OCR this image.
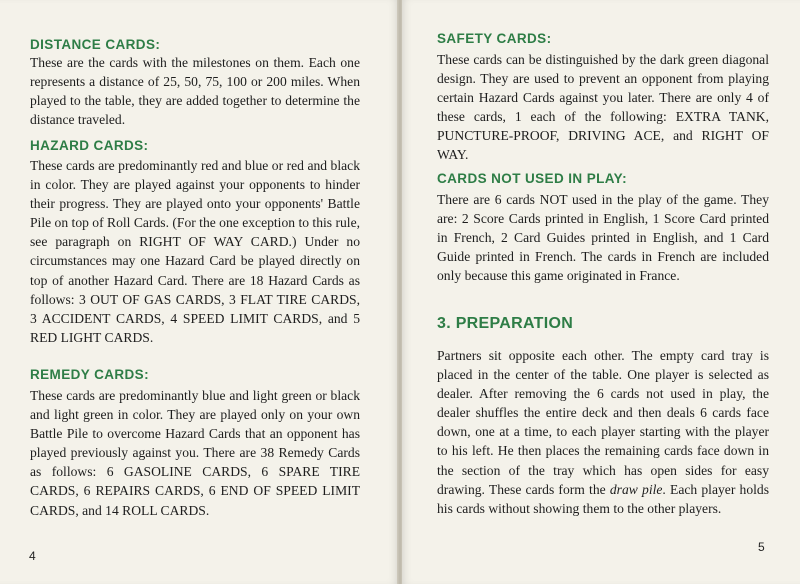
DISTANCE CARDS:

These are the cards with the milestones on them. Each one represents a distance of 25, 50, 75, 100 or 200 miles. When played to the table, they are added together to determine the distance traveled.

HAZARD CARDS:

These cards are predominantly red and blue or red and black in color. They are played against your opponents to hinder their progress. They are played onto your opponents' Battle Pile on top of Roll Cards. (For the one exception to this rule, see paragraph on RIGHT OF WAY CARD.) Under no circumstances may one Hazard Card be played directly on top of another Hazard Card. There are 18 Hazard Cards as follows: 3 OUT OF GAS CARDS, 3 FLAT TIRE CARDS, 3 ACCIDENT CARDS, 4 SPEED LIMIT CARDS, and 5 RED LIGHT CARDS.

REMEDY CARDS:

These cards are predominantly blue and light green or black and light green in color. They are played only on your own Battle Pile to overcome Hazard Cards that an opponent has played previously against you. There are 38 Remedy Cards as follows: 6 GASOLINE CARDS, 6 SPARE TIRE CARDS, 6 REPAIRS CARDS, 6 END OF SPEED LIMIT CARDS, and 14 ROLL CARDS.

4
SAFETY CARDS:

These cards can be distinguished by the dark green diagonal design. They are used to prevent an opponent from playing certain Hazard Cards against you later. There are only 4 of these cards, 1 each of the following: EXTRA TANK, PUNCTURE-PROOF, DRIVING ACE, and RIGHT OF WAY.

CARDS NOT USED IN PLAY:

There are 6 cards NOT used in the play of the game. They are: 2 Score Cards printed in English, 1 Score Card printed in French, 2 Card Guides printed in English, and 1 Card Guide printed in French. The cards in French are included only because this game originated in France.

3. PREPARATION

Partners sit opposite each other. The empty card tray is placed in the center of the table. One player is selected as dealer. After removing the 6 cards not used in play, the dealer shuffles the entire deck and then deals 6 cards face down, one at a time, to each player starting with the player to his left. He then places the remaining cards face down in the section of the tray which has open sides for easy drawing. These cards form the draw pile. Each player holds his cards without showing them to the other players.

5
